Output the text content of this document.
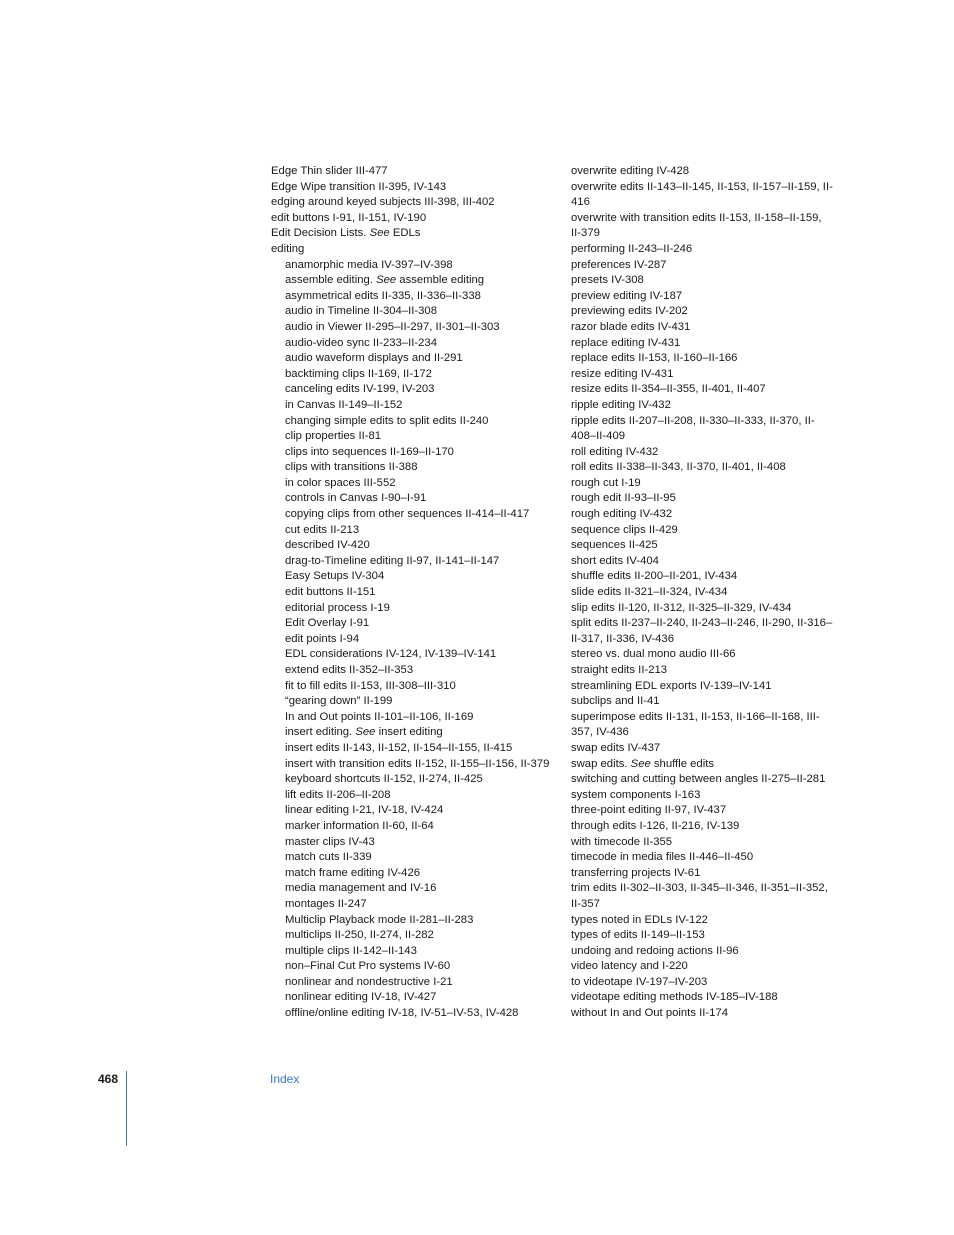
Edge Thin slider III-477

Edge Wipe transition II-395, IV-143

edging around keyed subjects III-398, III-402

edit buttons I-91, II-151, IV-190

Edit Decision Lists. See EDLs

editing

anamorphic media IV-397–IV-398

assemble editing. See assemble editing

asymmetrical edits II-335, II-336–II-338

audio in Timeline II-304–II-308

audio in Viewer II-295–II-297, II-301–II-303

audio-video sync II-233–II-234

audio waveform displays and II-291

backtiming clips II-169, II-172

canceling edits IV-199, IV-203

in Canvas II-149–II-152

changing simple edits to split edits II-240

clip properties II-81

clips into sequences II-169–II-170

clips with transitions II-388

in color spaces III-552

controls in Canvas I-90–I-91

copying clips from other sequences II-414–II-417

cut edits II-213

described IV-420

drag-to-Timeline editing II-97, II-141–II-147

Easy Setups IV-304

edit buttons II-151

editorial process I-19

Edit Overlay I-91

edit points I-94

EDL considerations IV-124, IV-139–IV-141

extend edits II-352–II-353

fit to fill edits II-153, III-308–III-310

“gearing down” II-199

In and Out points II-101–II-106, II-169

insert editing. See insert editing

insert edits II-143, II-152, II-154–II-155, II-415

insert with transition edits II-152, II-155–II-156, II-379

keyboard shortcuts II-152, II-274, II-425

lift edits II-206–II-208

linear editing I-21, IV-18, IV-424

marker information II-60, II-64

master clips IV-43

match cuts II-339

match frame editing IV-426

media management and IV-16

montages II-247

Multiclip Playback mode II-281–II-283

multiclips II-250, II-274, II-282

multiple clips II-142–II-143

non–Final Cut Pro systems IV-60

nonlinear and nondestructive I-21

nonlinear editing IV-18, IV-427

offline/online editing IV-18, IV-51–IV-53, IV-428

overwrite editing IV-428

overwrite edits II-143–II-145, II-153, II-157–II-159, II-416

overwrite with transition edits II-153, II-158–II-159, II-379

performing II-243–II-246

preferences IV-287

presets IV-308

preview editing IV-187

previewing edits IV-202

razor blade edits IV-431

replace editing IV-431

replace edits II-153, II-160–II-166

resize editing IV-431

resize edits II-354–II-355, II-401, II-407

ripple editing IV-432

ripple edits II-207–II-208, II-330–II-333, II-370, II-408–II-409

roll editing IV-432

roll edits II-338–II-343, II-370, II-401, II-408

rough cut I-19

rough edit II-93–II-95

rough editing IV-432

sequence clips II-429

sequences II-425

short edits IV-404

shuffle edits II-200–II-201, IV-434

slide edits II-321–II-324, IV-434

slip edits II-120, II-312, II-325–II-329, IV-434

split edits II-237–II-240, II-243–II-246, II-290, II-316–II-317, II-336, IV-436

stereo vs. dual mono audio III-66

straight edits II-213

streamlining EDL exports IV-139–IV-141

subclips and II-41

superimpose edits II-131, II-153, II-166–II-168, III-357, IV-436

swap edits IV-437

swap edits. See shuffle edits

switching and cutting between angles II-275–II-281

system components I-163

three-point editing II-97, IV-437

through edits I-126, II-216, IV-139

with timecode II-355

timecode in media files II-446–II-450

transferring projects IV-61

trim edits II-302–II-303, II-345–II-346, II-351–II-352, II-357

types noted in EDLs IV-122

types of edits II-149–II-153

undoing and redoing actions II-96

video latency and I-220

to videotape IV-197–IV-203

videotape editing methods IV-185–IV-188

without In and Out points II-174

468	Index
